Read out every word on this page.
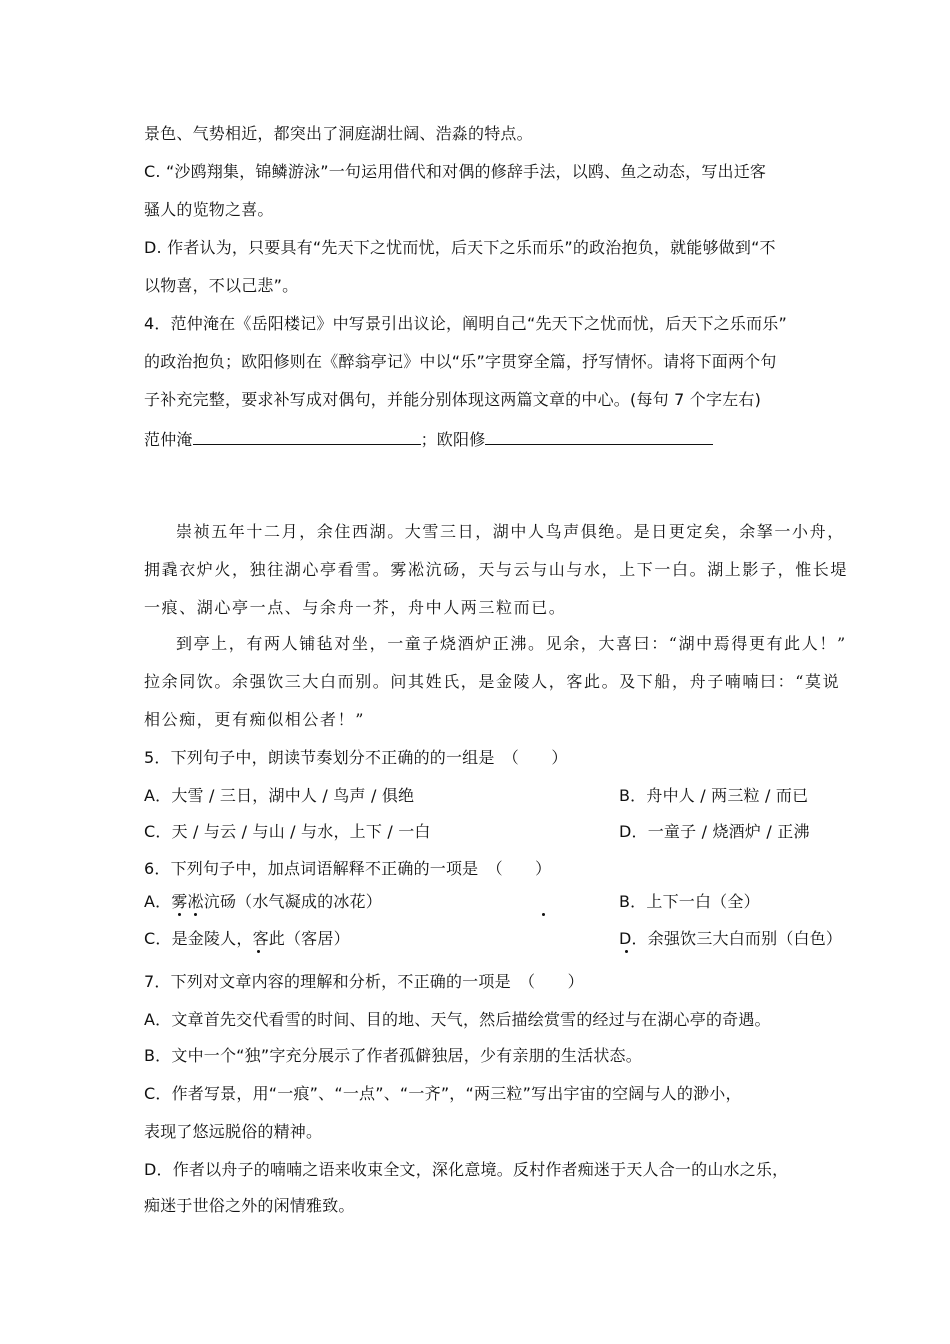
景色、气势相近，都突出了洞庭湖壮阔、浩淼的特点。
C. “沙鸥翔集，锦鳞游泳”一句运用借代和对偶的修辞手法，以鸥、鱼之动态，写出迁客
骚人的览物之喜。
D. 作者认为，只要具有“先天下之忧而忧，后天下之乐而乐”的政治抱负，就能够做到“不
以物喜，不以己悲”。
4．范仲淹在《岳阳楼记》中写景引出议论，阐明自己“先天下之忧而忧，后天下之乐而乐”
的政治抱负；欧阳修则在《醉翁亭记》中以“乐”字贯穿全篇，抒写情怀。请将下面两个句
子补充完整，要求补写成对偶句，并能分别体现这两篇文章的中心。(每句 7 个字左右)
范仲淹	；欧阳修
崇祯五年十二月，余住西湖。大雪三日，湖中人鸟声俱绝。是日更定矣，余拏一小舟，
拥毳衣炉火，独往湖心亭看雪。雾凇沆砀，天与云与山与水，上下一白。湖上影子，惟长堤
一痕、湖心亭一点、与余舟一芥，舟中人两三粒而已。
到亭上，有两人铺毡对坐，一童子烧酒炉正沸。见余，大喜曰：“湖中焉得更有此人！”
拉余同饮。余强饮三大白而别。问其姓氏，是金陵人，客此。及下船，舟子喃喃曰：“莫说
相公痴，更有痴似相公者！”
5．下列句子中，朗读节奏划分不正确的的一组是　（　　）
A．大雪 / 三日，湖中人 / 鸟声 / 俱绝	B．舟中人 / 两三粒 / 而已
C．天 / 与云 / 与山 / 与水，上下 / 一白	D．一童子 / 烧酒炉 / 正沸
6．下列句子中，加点词语解释不正确的一项是　（　　）
A．雾凇沆砀（水气凝成的冰花）	B．上下一白（全）
C．是金陵人，客此（客居）	D．余强饮三大白而别（白色）
7．下列对文章内容的理解和分析，不正确的一项是　（　　）
A．文章首先交代看雪的时间、目的地、天气，然后描绘赏雪的经过与在湖心亭的奇遇。
B．文中一个“独”字充分展示了作者孤僻独居，少有亲朋的生活状态。
C．作者写景，用“一痕”、“一点”、“一齐”，“两三粒”写出宇宙的空阔与人的渺小，
表现了悠远脱俗的精神。
D．作者以舟子的喃喃之语来收束全文，深化意境。反村作者痴迷于天人合一的山水之乐，
痴迷于世俗之外的闲情雅致。
